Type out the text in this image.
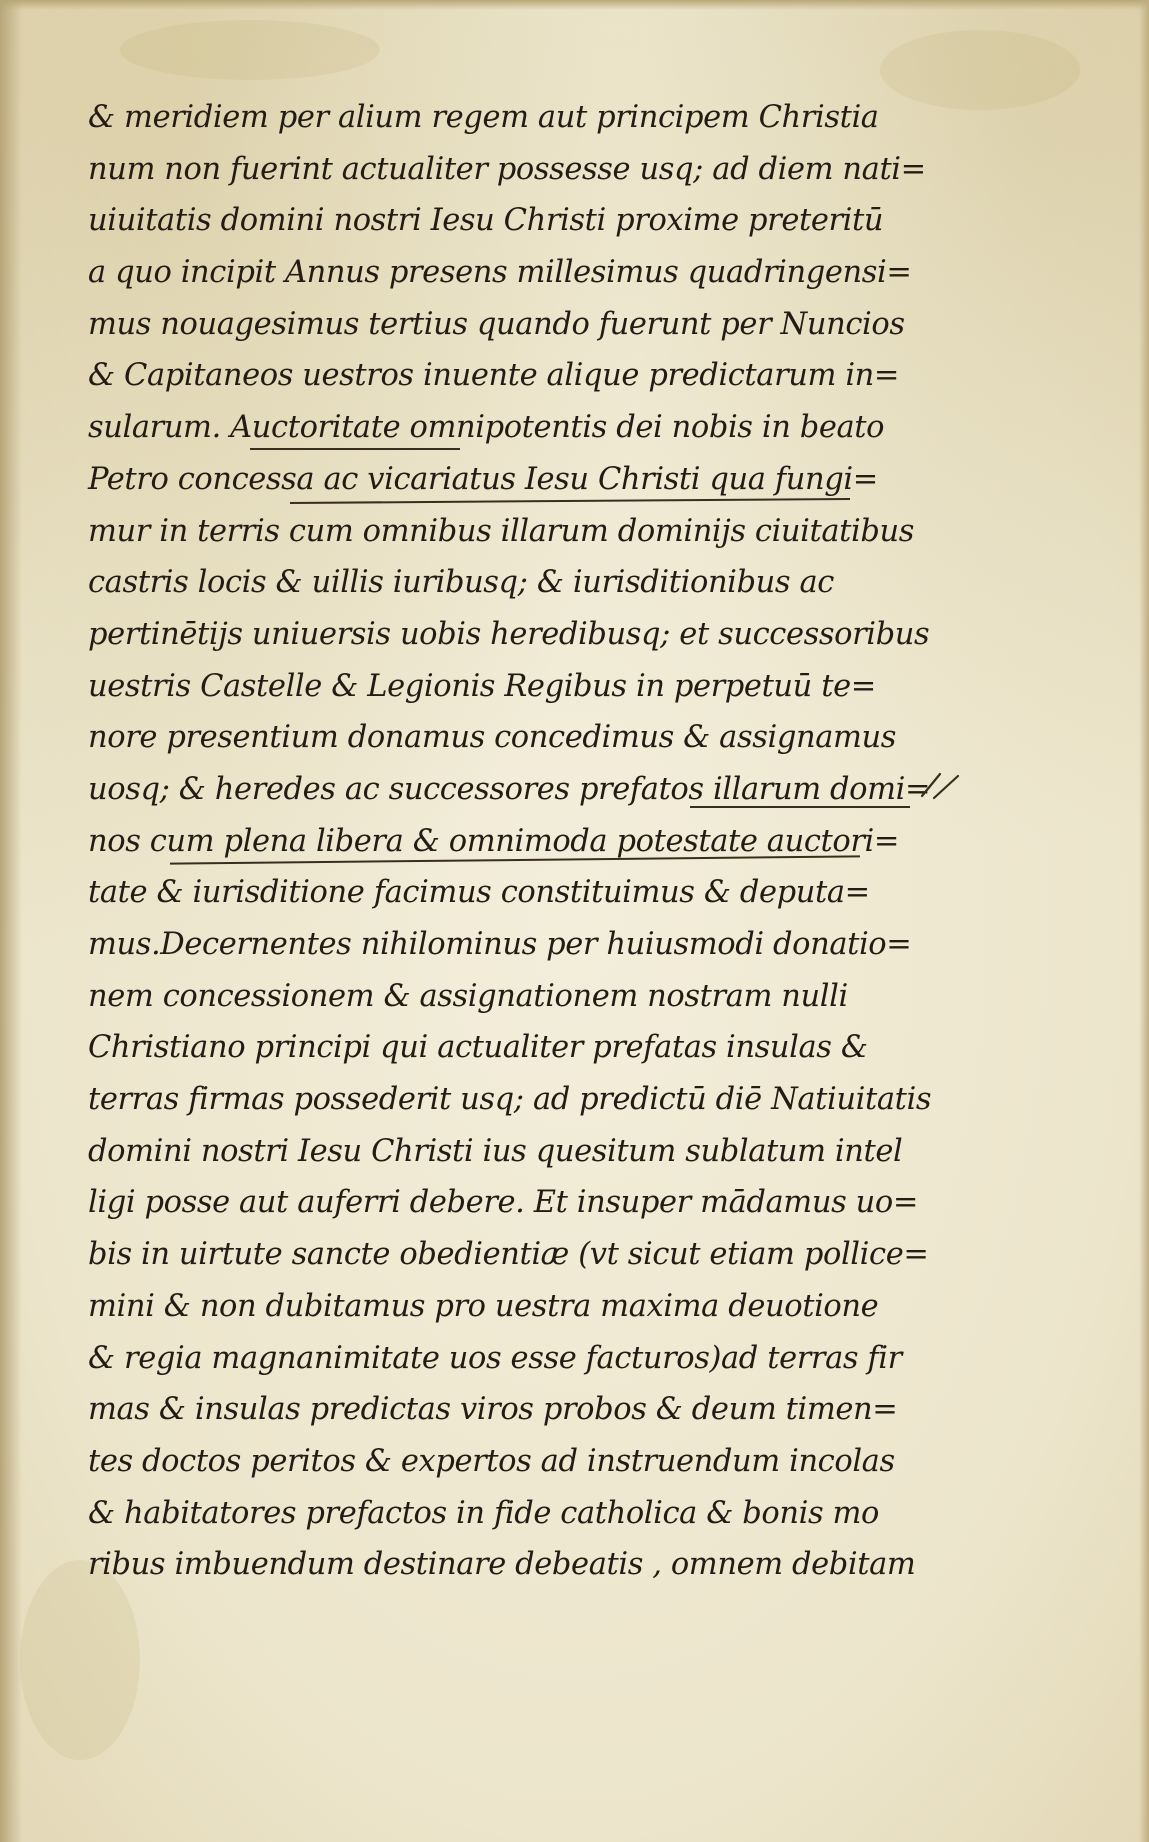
& meridiem per alium regem aut principem Christia
num non fuerint actualiter possesse usq; ad diem nati=
uiuitatis domini nostri Iesu Christi proxime preteritū
a quo incipit Annus presens millesimus quadringensi=
mus nouagesimus tertius quando fuerunt per Nuncios
& Capitaneos uestros inuente alique predictarum in=
sularum. Auctoritate omnipotentis dei nobis in beato
Petro concessa ac vicariatus Iesu Christi qua fungi=
mur in terris cum omnibus illarum dominijs ciuitatibus
castris locis & uillis iuribusq; & iurisditionibus ac
pertinētijs uniuersis uobis heredibusq; et successoribus
uestris Castelle & Legionis Regibus in perpetuū te=
nore presentium donamus concedimus & assignamus
uosq; & heredes ac successores prefatos illarum domi=
nos cum plena libera & omnimoda potestate auctori=
tate & iurisditione facimus constituimus & deputa=
mus.Decernentes nihilominus per huiusmodi donatio=
nem concessionem & assignationem nostram nulli
Christiano principi qui actualiter prefatas insulas &
terras firmas possederit usq; ad predictū diē Natiuitatis
domini nostri Iesu Christi ius quesitum sublatum intel
ligi posse aut auferri debere. Et insuper mādamus uo=
bis in uirtute sancte obedientiæ (vt sicut etiam pollice=
mini & non dubitamus pro uestra maxima deuotione
& regia magnanimitate uos esse facturos)ad terras fir
mas & insulas predictas viros probos & deum timen=
tes doctos peritos & expertos ad instruendum incolas
& habitatores prefactos in fide catholica & bonis mo
ribus imbuendum destinare debeatis , omnem debitam
